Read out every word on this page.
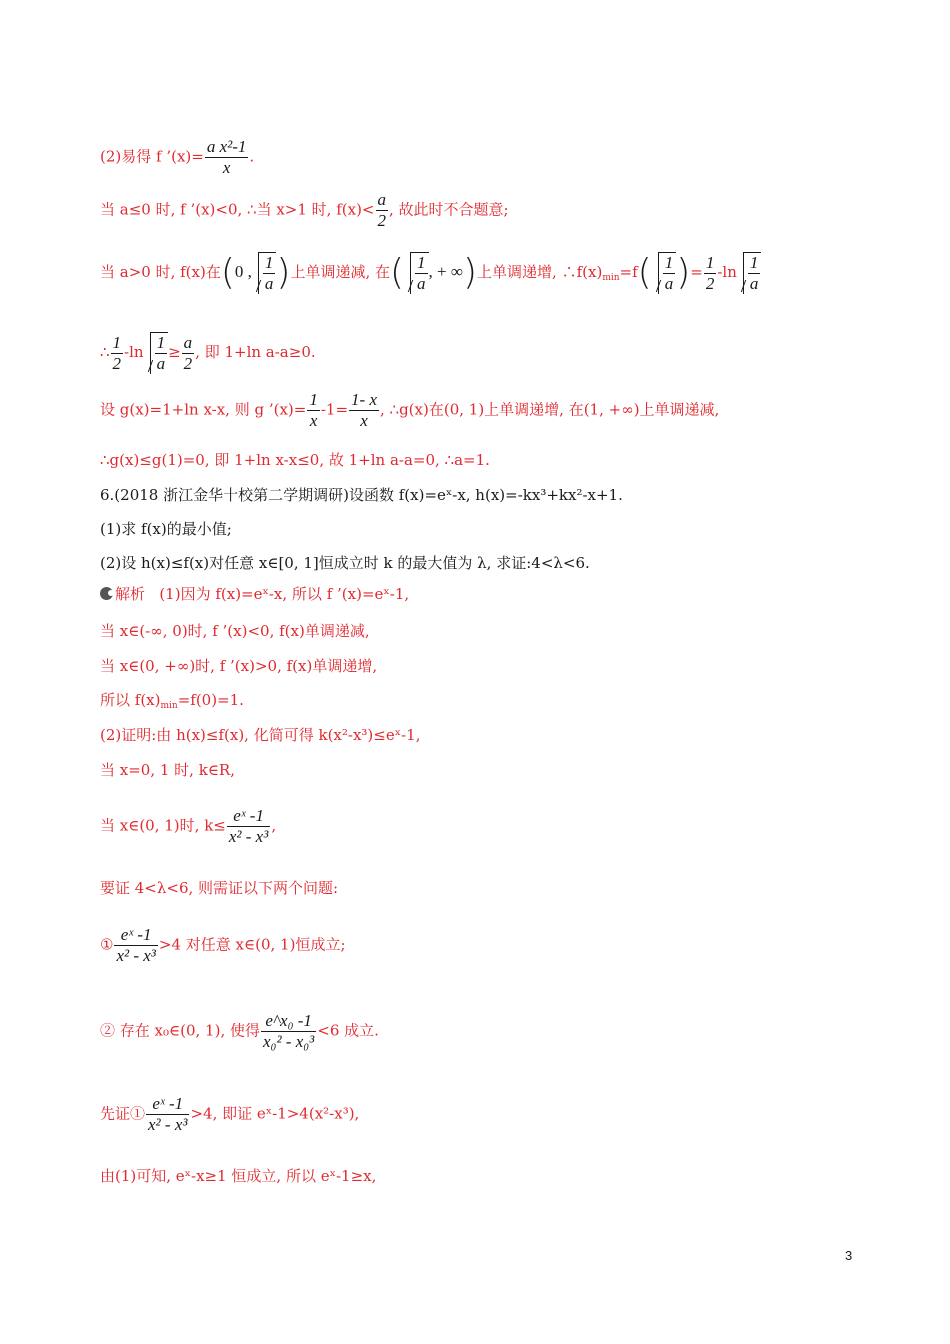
(2)易得 f ’(x)= $\frac{\text{a x²-1}}{x}$ .
当 a≤0 时, f ’(x)<0, ∴当 x>1 时, $f(x)< \frac{a}{2}$ , 故此时不合题意;
当 a>0 时, f(x)在(0 , $\frac{1}{a}$ )上单调递减, 在( $\frac{1}{a}$ , + ∞)上单调递增, $\therefore f(x)_{min}=f( \frac{1}{a}$ )= $\frac{1}{2} -\ln \frac{1}{a}$
∴ $\frac{1}{2} -\ln \frac{1}{a} \ge \frac{a}{2}$ , 即 1+ln a-a≥0.
设 g(x)=1+ln x-x, 则 g ’(x)= $\frac{1}{x} -1= \frac{1- x}{x}$ , ∴g(x)在(0, 1)上单调递增, 在(1, +∞)上单调递减,
∴g(x)≤g(1)=0, 即 1+ln x-x≤0, 故 1+ln a-a=0, ∴a=1.
6.(2018 浙江金华十校第二学期调研)设函数 f(x)=eˣ-x, h(x)=-kx³+kx²-x+1.
(1)求 f(x)的最小值;
(2)设 h(x)≤f(x)对任意 x∈[0, 1]恒成立时 k 的最大值为 λ, 求证:4<λ<6.
解析 (1)因为 f(x)=eˣ-x, 所以 f ’(x)=eˣ-1,
当 x∈(-∞, 0)时, f ’(x)<0, f(x)单调递减,
当 x∈(0, +∞)时, f ’(x)>0, f(x)单调递增,
所以 $f(x)_{min}=f(0)=1$.
(2)证明:由 h(x)≤f(x), 化简可得 k(x²-x³)≤eˣ-1,
当 x=0, 1 时, k∈R,
当 x∈(0, 1)时, $k\le \frac{\text{eˣ -1}}{\text{x² - x³}}$ ,
要证 4<λ<6, 则需证以下两个问题:
① $\frac{\text{eˣ -1}}{\text{x² - x³}} >4$ 对任意 x∈(0, 1)恒成立;
② 存在 x₀∈(0, 1), 使得 $\frac{\text{e\textasciicircum{}x₀ -1}}{\text{x₀² - x₀³}} <6$ 成立.
先证① $\frac{\text{eˣ -1}}{\text{x² - x³}} >4$, 即证 eˣ-1>4(x²-x³),
由(1)可知, eˣ-x≥1 恒成立, 所以 eˣ-1≥x,
3
